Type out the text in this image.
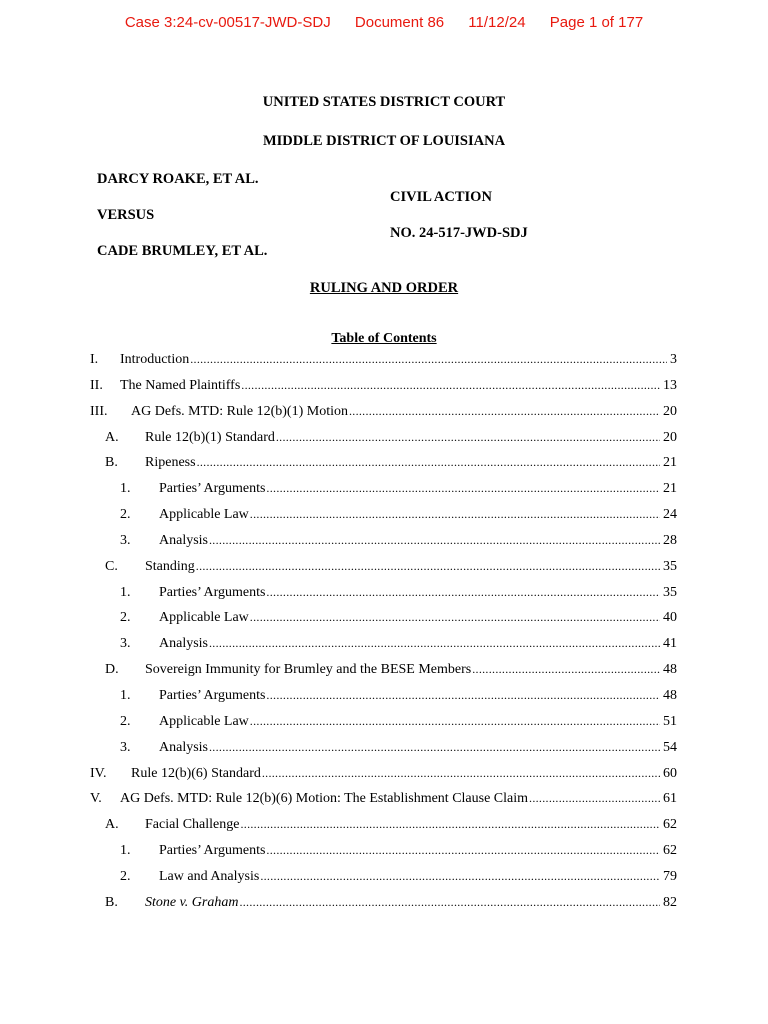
Case 3:24-cv-00517-JWD-SDJ Document 86 11/12/24 Page 1 of 177
UNITED STATES DISTRICT COURT
MIDDLE DISTRICT OF LOUISIANA
DARCY ROAKE, ET AL.
VERSUS
CADE BRUMLEY, ET AL.
CIVIL ACTION
NO. 24-517-JWD-SDJ
RULING AND ORDER
Table of Contents
I.	Introduction .....	3
II.	The Named Plaintiffs .....	13
III.	AG Defs. MTD: Rule 12(b)(1) Motion .....	20
A.	Rule 12(b)(1) Standard .....	20
B.	Ripeness .....	21
1.	Parties’ Arguments .....	21
2.	Applicable Law .....	24
3.	Analysis .....	28
C.	Standing .....	35
1.	Parties’ Arguments .....	35
2.	Applicable Law .....	40
3.	Analysis .....	41
D.	Sovereign Immunity for Brumley and the BESE Members .....	48
1.	Parties’ Arguments .....	48
2.	Applicable Law .....	51
3.	Analysis .....	54
IV.	Rule 12(b)(6) Standard .....	60
V.	AG Defs. MTD: Rule 12(b)(6) Motion: The Establishment Clause Claim .....	61
A.	Facial Challenge .....	62
1.	Parties’ Arguments .....	62
2.	Law and Analysis .....	79
B.	Stone v. Graham .....	82
